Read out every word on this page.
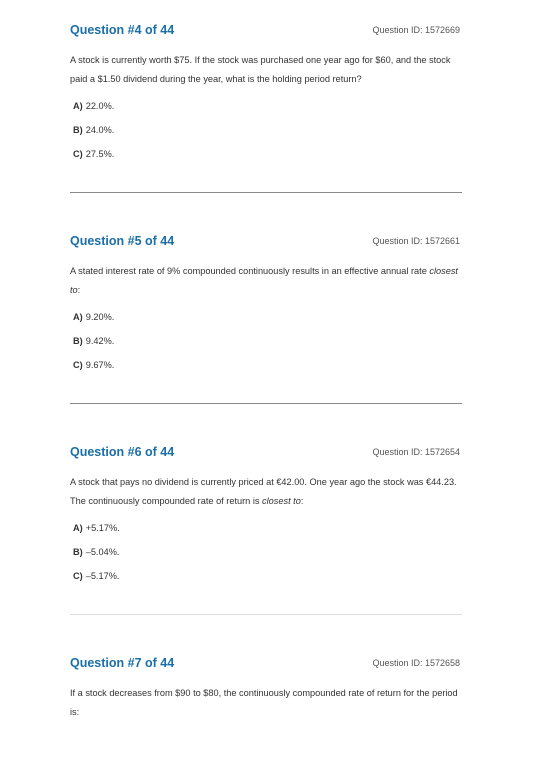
Question #4 of 44	Question ID: 1572669

A stock is currently worth $75. If the stock was purchased one year ago for $60, and the stock paid a $1.50 dividend during the year, what is the holding period return?

A) 22.0%.
B) 24.0%.
C) 27.5%.
Question #5 of 44	Question ID: 1572661

A stated interest rate of 9% compounded continuously results in an effective annual rate closest to:

A) 9.20%.
B) 9.42%.
C) 9.67%.
Question #6 of 44	Question ID: 1572654

A stock that pays no dividend is currently priced at €42.00. One year ago the stock was €44.23. The continuously compounded rate of return is closest to:

A) +5.17%.
B) –5.04%.
C) –5.17%.
Question #7 of 44	Question ID: 1572658

If a stock decreases from $90 to $80, the continuously compounded rate of return for the period is:
